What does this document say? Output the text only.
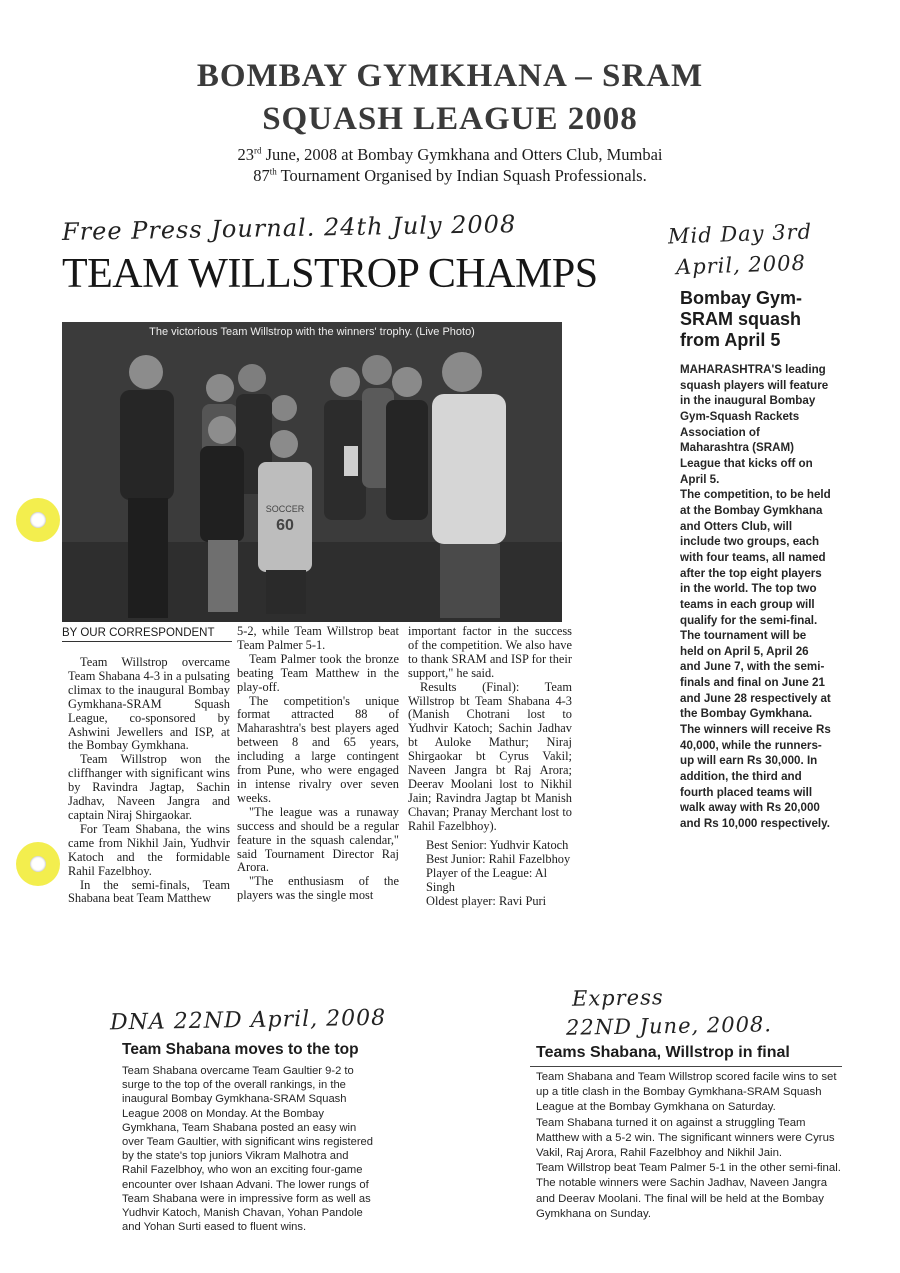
BOMBAY GYMKHANA – SRAM
SQUASH LEAGUE 2008
23rd June, 2008 at Bombay Gymkhana and Otters Club, Mumbai
87th Tournament Organised by Indian Squash Professionals.
Free Press Journal. 24th July 2008
TEAM WILLSTROP CHAMPS
SOCCER
60
The victorious Team Willstrop with the winners' trophy. (Live Photo)
BY OUR CORRESPONDENT

Team Willstrop overcame Team Shabana 4-3 in a pulsating climax to the inaugural Bombay Gymkhana-SRAM Squash League, co-sponsored by Ashwini Jewellers and ISP, at the Bombay Gymkhana.

Team Willstrop won the cliffhanger with significant wins by Ravindra Jagtap, Sachin Jadhav, Naveen Jangra and captain Niraj Shirgaokar.

For Team Shabana, the wins came from Nikhil Jain, Yudhvir Katoch and the formidable Rahil Fazelbhoy.

In the semi-finals, Team Shabana beat Team Matthew

5-2, while Team Willstrop beat Team Palmer 5-1.

Team Palmer took the bronze beating Team Matthew in the play-off.

The competition's unique format attracted 88 of Maharashtra's best players aged between 8 and 65 years, including a large contingent from Pune, who were engaged in intense rivalry over seven weeks.

"The league was a runaway success and should be a regular feature in the squash calendar," said Tournament Director Raj Arora.

"The enthusiasm of the players was the single most

important factor in the success of the competition. We also have to thank SRAM and ISP for their support," he said.

Results (Final): Team Willstrop bt Team Shabana 4-3 (Manish Chotrani lost to Yudhvir Katoch; Sachin Jadhav bt Auloke Mathur; Niraj Shirgaokar bt Cyrus Vakil; Naveen Jangra bt Raj Arora; Deerav Moolani lost to Nikhil Jain; Ravindra Jagtap bt Manish Chavan; Pranay Merchant lost to Rahil Fazelbhoy).

Best Senior: Yudhvir Katoch
Best Junior: Rahil Fazelbhoy
Player of the League: Al Singh
Oldest player: Ravi Puri
Mid Day 3rd
April, 2008
Bombay Gym-SRAM squash from April 5

MAHARASHTRA'S leading squash players will feature in the inaugural Bombay Gym-Squash Rackets Association of Maharashtra (SRAM) League that kicks off on April 5.

The competition, to be held at the Bombay Gymkhana and Otters Club, will include two groups, each with four teams, all named after the top eight players in the world. The top two teams in each group will qualify for the semi-final. The tournament will be held on April 5, April 26 and June 7, with the semi-finals and final on June 21 and June 28 respectively at the Bombay Gymkhana. The winners will receive Rs 40,000, while the runners-up will earn Rs 30,000. In addition, the third and fourth placed teams will walk away with Rs 20,000 and Rs 10,000 respectively.

DNA 22ND April, 2008
Team Shabana moves to the top
Team Shabana overcame Team Gaultier 9-2 to surge to the top of the overall rankings, in the inaugural Bombay Gymkhana-SRAM Squash League 2008 on Monday. At the Bombay Gymkhana, Team Shabana posted an easy win over Team Gaultier, with significant wins registered by the state's top juniors Vikram Malhotra and Rahil Fazelbhoy, who won an exciting four-game encounter over Ishaan Advani. The lower rungs of Team Shabana were in impressive form as well as Yudhvir Katoch, Manish Chavan, Yohan Pandole and Yohan Surti eased to fluent wins.
Express
22ND June, 2008.
Teams Shabana, Willstrop in final

Team Shabana and Team Willstrop scored facile wins to set up a title clash in the Bombay Gymkhana-SRAM Squash League at the Bombay Gymkhana on Saturday.

Team Shabana turned it on against a struggling Team Matthew with a 5-2 win. The significant winners were Cyrus Vakil, Raj Arora, Rahil Fazelbhoy and Nikhil Jain.

Team Willstrop beat Team Palmer 5-1 in the other semi-final. The notable winners were Sachin Jadhav, Naveen Jangra and Deerav Moolani. The final will be held at the Bombay Gymkhana on Sunday.
